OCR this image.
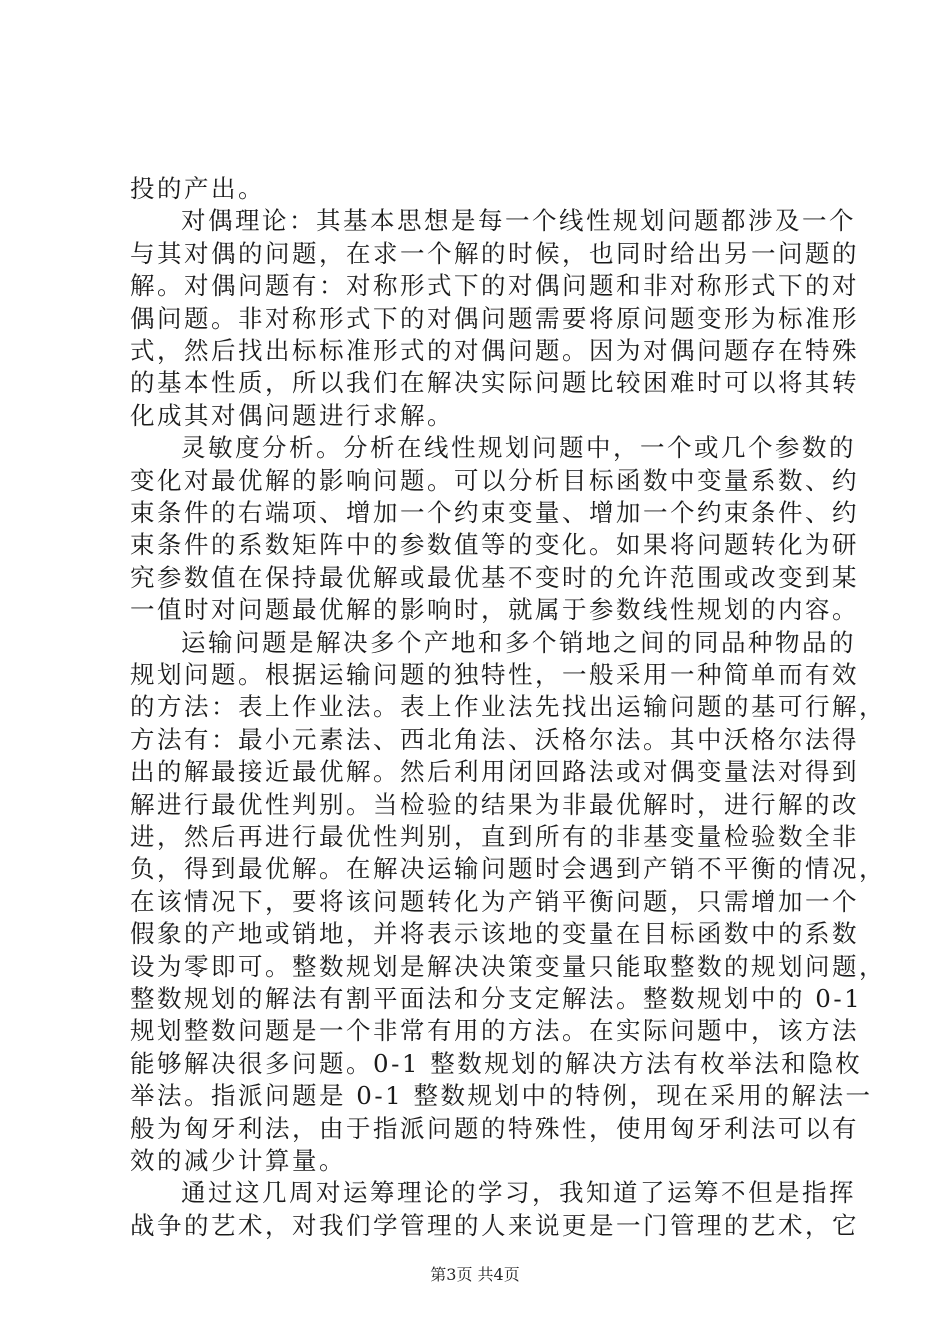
投的产出。
对偶理论：其基本思想是每一个线性规划问题都涉及一个
与其对偶的问题，在求一个解的时候，也同时给出另一问题的
解。对偶问题有：对称形式下的对偶问题和非对称形式下的对
偶问题。非对称形式下的对偶问题需要将原问题变形为标准形
式，然后找出标标准形式的对偶问题。因为对偶问题存在特殊
的基本性质，所以我们在解决实际问题比较困难时可以将其转
化成其对偶问题进行求解。
灵敏度分析。分析在线性规划问题中，一个或几个参数的
变化对最优解的影响问题。可以分析目标函数中变量系数、约
束条件的右端项、增加一个约束变量、增加一个约束条件、约
束条件的系数矩阵中的参数值等的变化。如果将问题转化为研
究参数值在保持最优解或最优基不变时的允许范围或改变到某
一值时对问题最优解的影响时，就属于参数线性规划的内容。
运输问题是解决多个产地和多个销地之间的同品种物品的
规划问题。根据运输问题的独特性，一般采用一种简单而有效
的方法：表上作业法。表上作业法先找出运输问题的基可行解，
方法有：最小元素法、西北角法、沃格尔法。其中沃格尔法得
出的解最接近最优解。然后利用闭回路法或对偶变量法对得到
解进行最优性判别。当检验的结果为非最优解时，进行解的改
进，然后再进行最优性判别，直到所有的非基变量检验数全非
负，得到最优解。在解决运输问题时会遇到产销不平衡的情况，
在该情况下，要将该问题转化为产销平衡问题，只需增加一个
假象的产地或销地，并将表示该地的变量在目标函数中的系数
设为零即可。整数规划是解决决策变量只能取整数的规划问题，
整数规划的解法有割平面法和分支定解法。整数规划中的 0-1
规划整数问题是一个非常有用的方法。在实际问题中，该方法
能够解决很多问题。0-1 整数规划的解决方法有枚举法和隐枚
举法。指派问题是 0-1 整数规划中的特例，现在采用的解法一
般为匈牙利法，由于指派问题的特殊性，使用匈牙利法可以有
效的减少计算量。
通过这几周对运筹理论的学习，我知道了运筹不但是指挥
战争的艺术，对我们学管理的人来说更是一门管理的艺术，它
第3页 共4页
